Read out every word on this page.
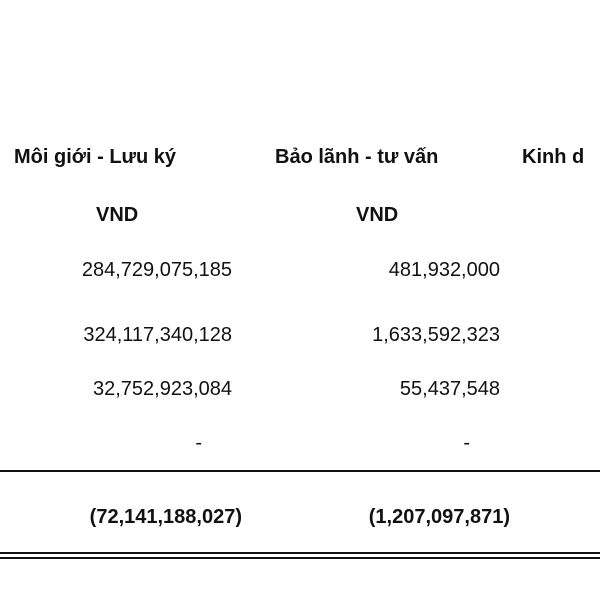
Môi giới - Lưu ký	Bảo lãnh - tư vấn	Kinh d
VND	VND
284,729,075,185	481,932,000
324,117,340,128	1,633,592,323
32,752,923,084	55,437,548
-	-
(72,141,188,027)	(1,207,097,871)
